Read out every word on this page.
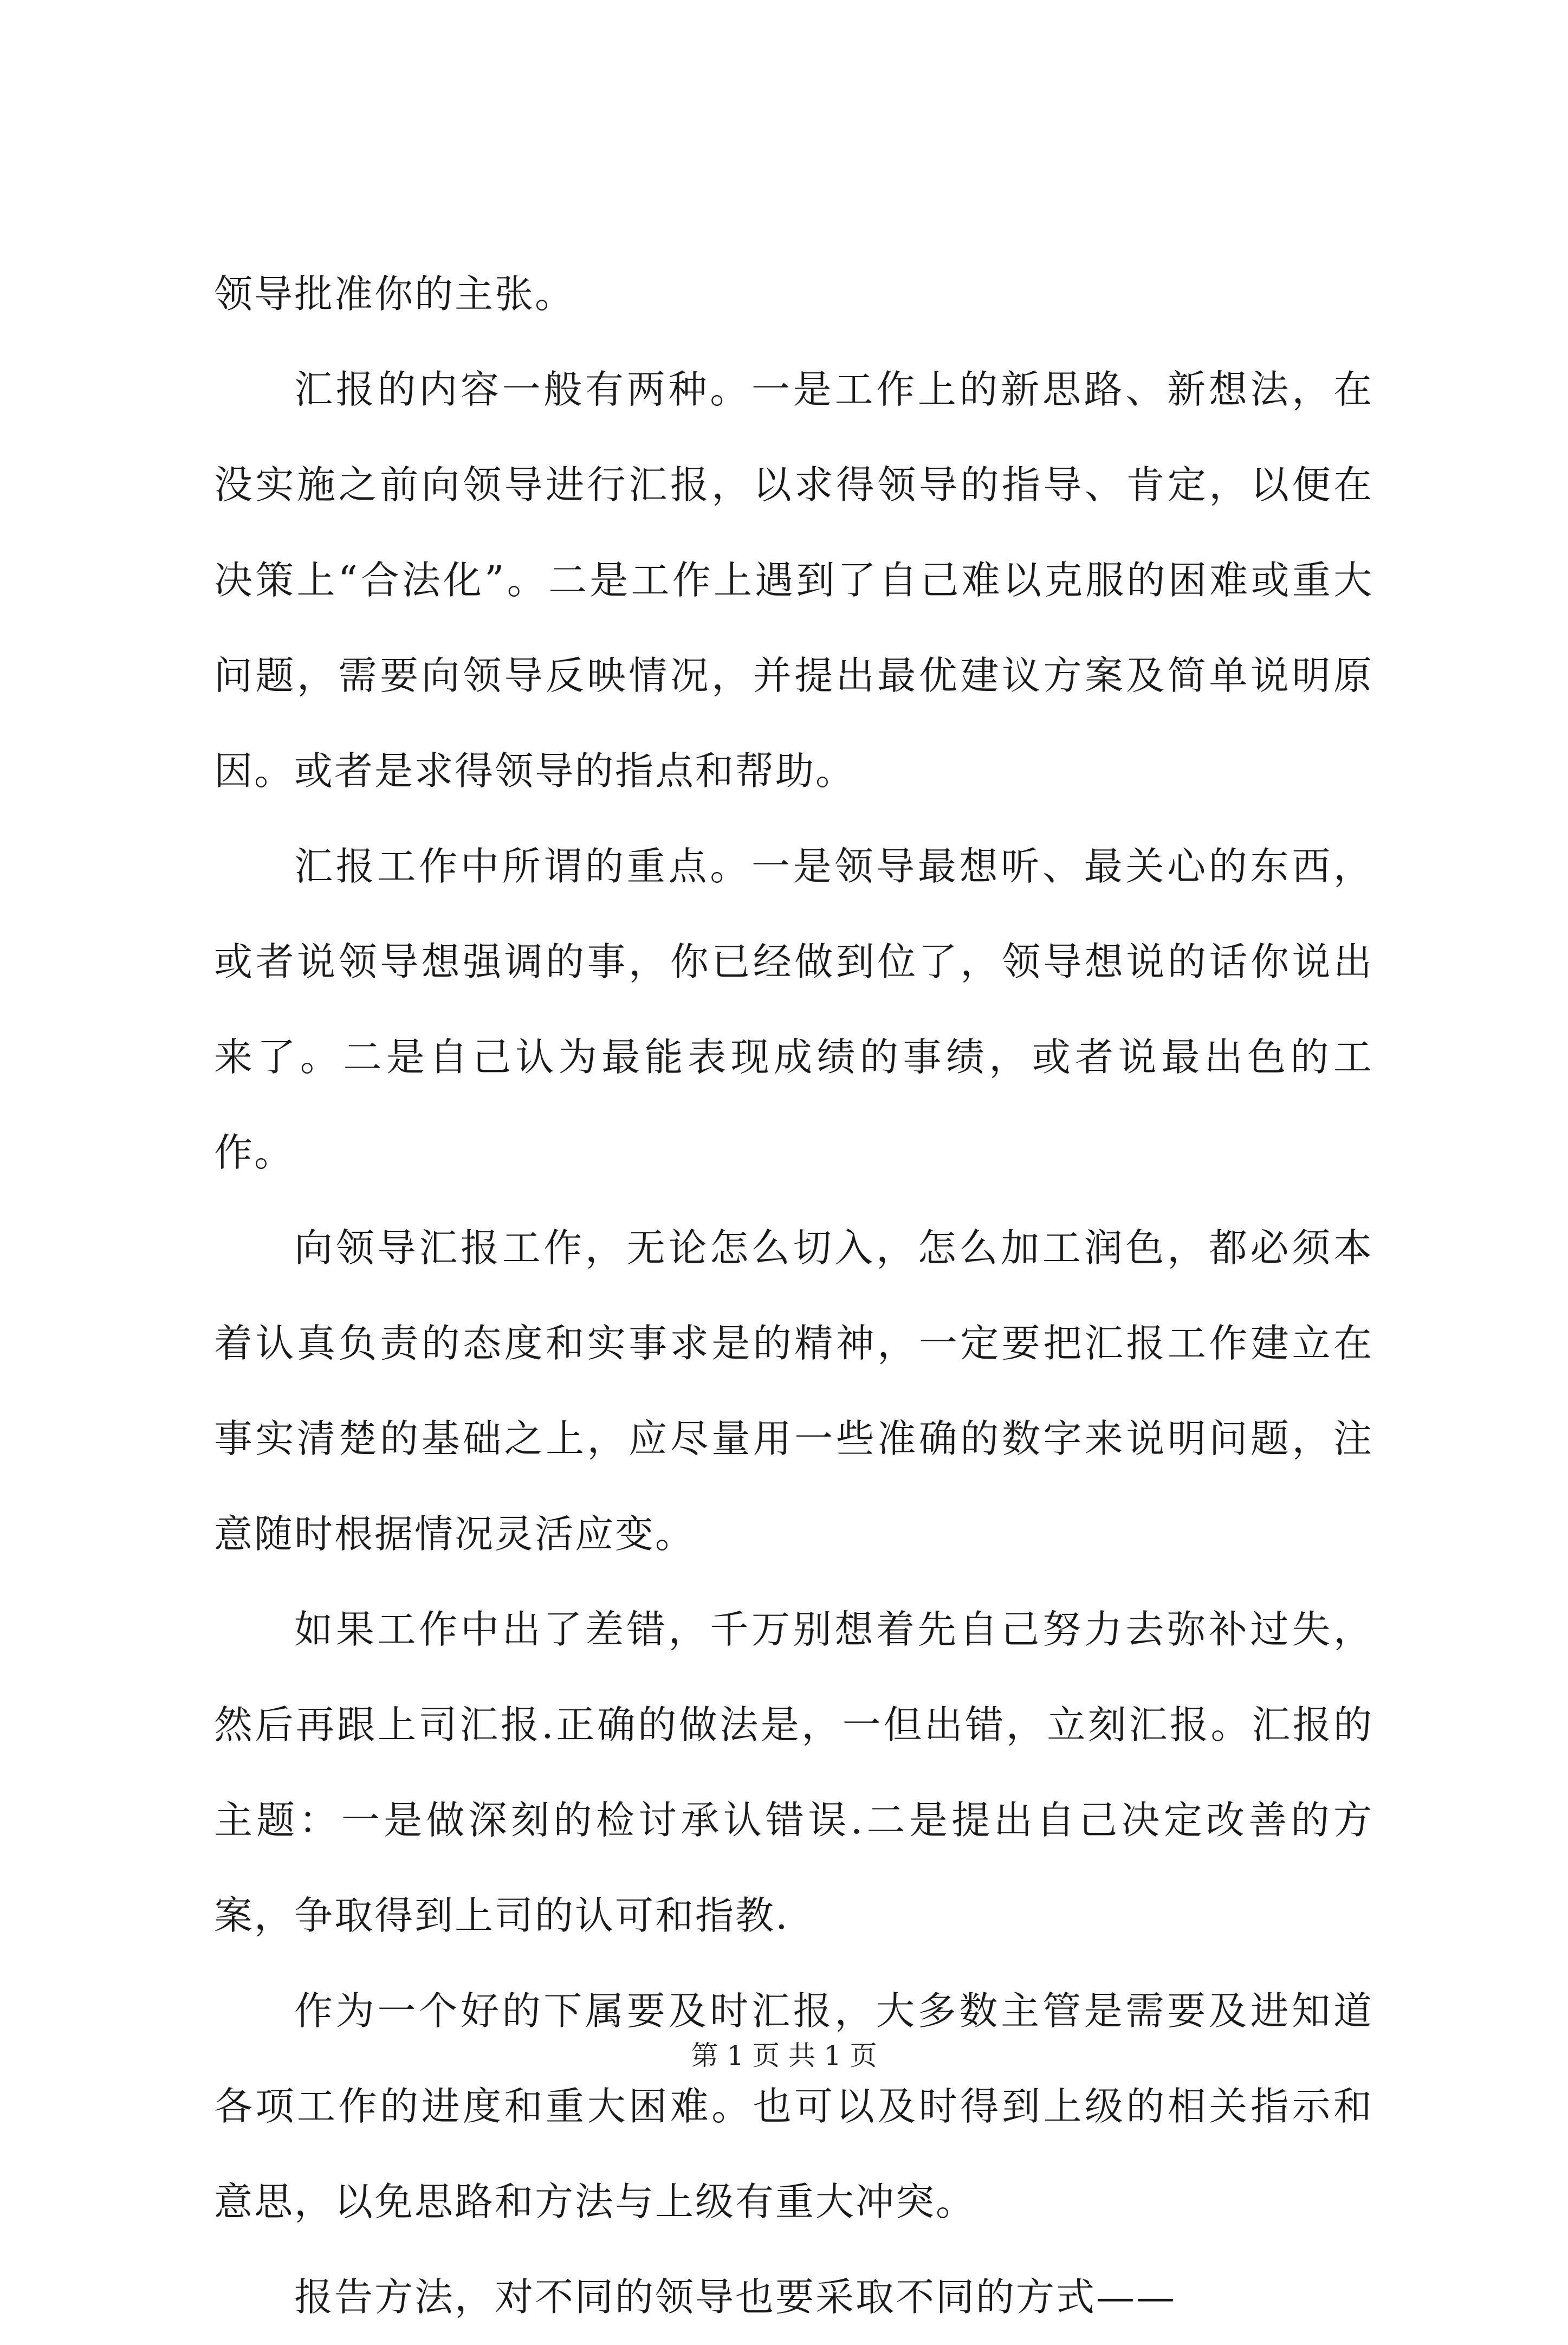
领导批准你的主张。

汇报的内容一般有两种。一是工作上的新思路、新想法，在没实施之前向领导进行汇报，以求得领导的指导、肯定，以便在决策上“合法化”。二是工作上遇到了自己难以克服的困难或重大问题，需要向领导反映情况，并提出最优建议方案及简单说明原因。或者是求得领导的指点和帮助。

汇报工作中所谓的重点。一是领导最想听、最关心的东西，或者说领导想强调的事，你已经做到位了，领导想说的话你说出来了。二是自己认为最能表现成绩的事绩，或者说最出色的工作。

向领导汇报工作，无论怎么切入，怎么加工润色，都必须本着认真负责的态度和实事求是的精神，一定要把汇报工作建立在事实清楚的基础之上，应尽量用一些准确的数字来说明问题，注意随时根据情况灵活应变。

如果工作中出了差错，千万别想着先自己努力去弥补过失，然后再跟上司汇报.正确的做法是，一但出错，立刻汇报。汇报的主题：一是做深刻的检讨承认错误.二是提出自己决定改善的方案，争取得到上司的认可和指教.

作为一个好的下属要及时汇报，大多数主管是需要及进知道各项工作的进度和重大困难。也可以及时得到上级的相关指示和意思，以免思路和方法与上级有重大冲突。

报告方法，对不同的领导也要采取不同的方式——

第 1 页 共 1 页
